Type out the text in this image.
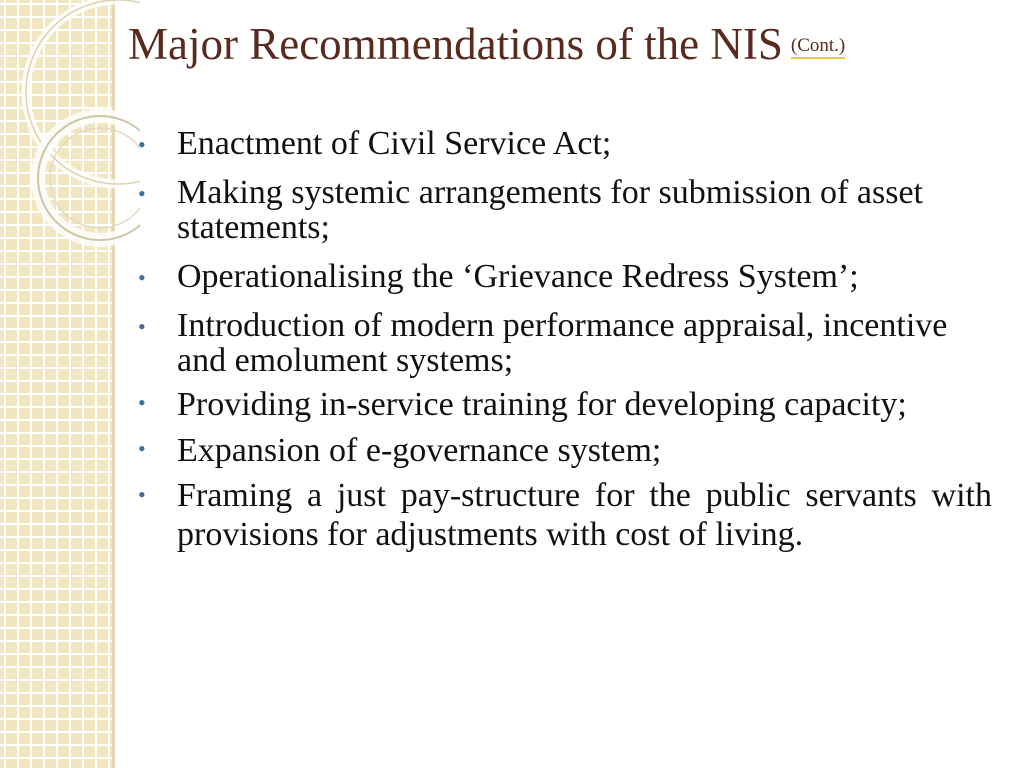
Major Recommendations of the NIS (Cont.)
• Enactment of Civil Service Act;
• Making systemic arrangements for submission of asset statements;
• Operationalising the ‘Grievance Redress System’;
• Introduction of modern performance appraisal, incentive and emolument systems;
• Providing in-service training for developing capacity;
• Expansion of e-governance system;
• Framing a just pay-structure for the public servants with provisions for adjustments with cost of living.
